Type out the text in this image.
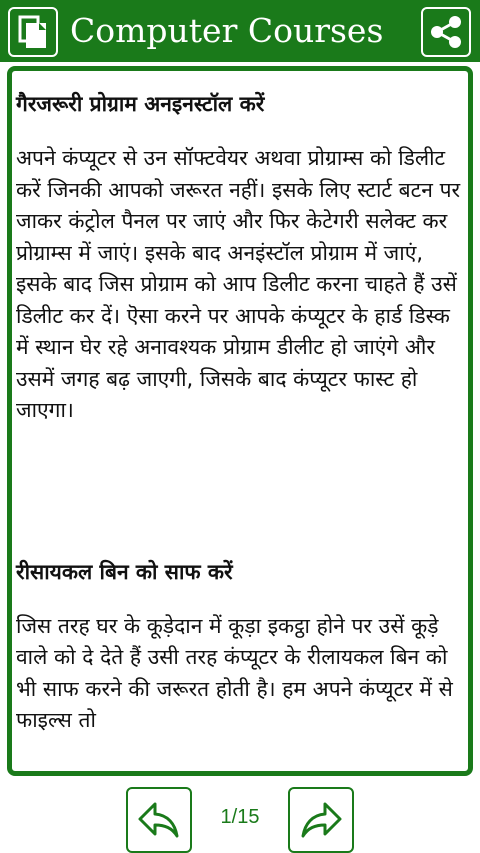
Computer Courses
गैरजरूरी प्रोग्राम अनइनस्टॉल करें
अपने कंप्यूटर से उन सॉफ्टवेयर अथवा प्रोग्राम्स को डिलीट करें जिनकी आपको जरूरत नहीं। इसके लिए स्टार्ट बटन पर जाकर कंट्रोल पैनल पर जाएं और फिर केटेगरी सलेक्ट कर प्रोग्राम्स में जाएं। इसके बाद अनइंस्टॉल प्रोग्राम में जाएं, इसके बाद जिस प्रोग्राम को आप डिलीट करना चाहते हैं उसें डिलीट कर दें। ऎसा करने पर आपके कंप्यूटर के हार्ड डिस्क में स्थान घेर रहे अनावश्यक प्रोग्राम डीलीट हो जाएंगे और उसमें जगह बढ़ जाएगी, जिसके बाद कंप्यूटर फास्ट हो जाएगा।
रीसायकल बिन को साफ करें
जिस तरह घर के कूड़ेदान में कूड़ा इकट्ठा होने पर उसें कूड़े वाले को दे देते हैं उसी तरह कंप्यूटर के रीलायकल बिन को भी साफ करने की जरूरत होती है। हम अपने कंप्यूटर में से फाइल्स तो
1/15
